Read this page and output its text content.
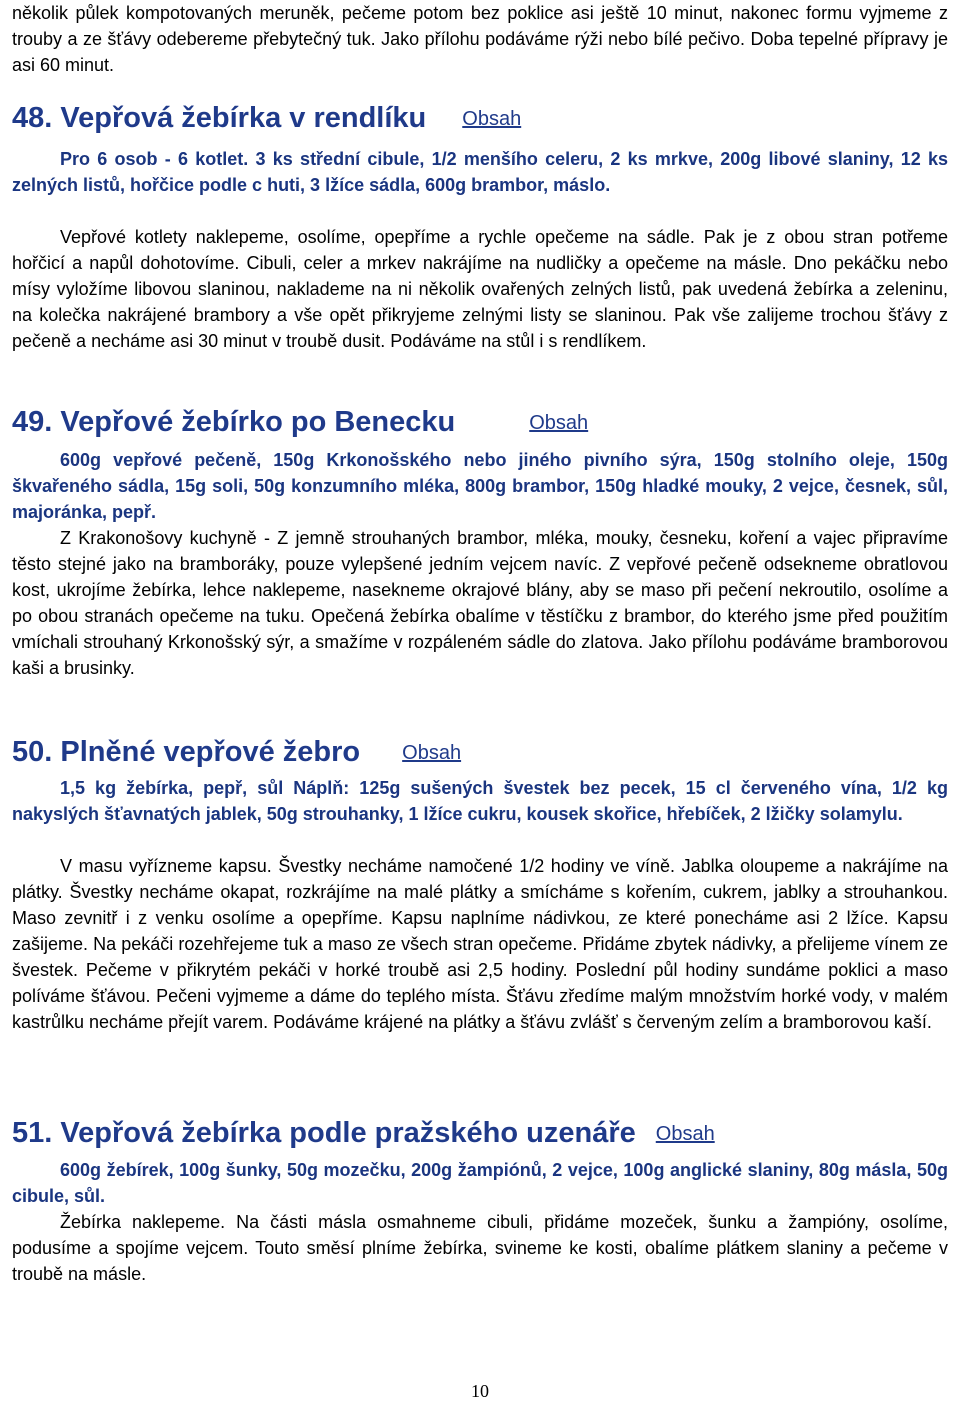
několik půlek kompotovaných meruněk, pečeme potom bez poklice asi ještě 10 minut, nakonec formu vyjmeme z trouby a ze šťávy odebereme přebytečný tuk. Jako přílohu podáváme rýži nebo bílé pečivo. Doba tepelné přípravy je asi 60 minut.

48. Vepřová žebírka v rendlíku Obsah

Pro 6 osob - 6 kotlet. 3 ks střední cibule, 1/2 menšího celeru, 2 ks mrkve, 200g libové slaniny, 12 ks zelných listů, hořčice podle c huti, 3 lžíce sádla, 600g brambor, máslo.

Vepřové kotlety naklepeme, osolíme, opepříme a rychle opečeme na sádle. Pak je z obou stran potřeme hořčicí a napůl dohotovíme. Cibuli, celer a mrkev nakrájíme na nudličky a opečeme na másle. Dno pekáčku nebo mísy vyložíme libovou slaninou, naklademe na ni několik ovařených zelných listů, pak uvedená žebírka a zeleninu, na kolečka nakrájené brambory a vše opět přikryjeme zelnými listy se slaninou. Pak vše zalijeme trochou šťávy z pečeně a necháme asi 30 minut v troubě dusit. Podáváme na stůl i s rendlíkem.

49. Vepřové žebírko po Benecku	Obsah

600g vepřové pečeně, 150g Krkonošského nebo jiného pivního sýra, 150g stolního oleje, 150g škvařeného sádla, 15g soli, 50g konzumního mléka, 800g brambor, 150g hladké mouky, 2 vejce, česnek, sůl, majoránka, pepř.

Z Krakonošovy kuchyně - Z jemně strouhaných brambor, mléka, mouky, česneku, koření a vajec připravíme těsto stejné jako na bramboráky, pouze vylepšené jedním vejcem navíc. Z vepřové pečeně odsekneme obratlovou kost, ukrojíme žebírka, lehce naklepeme, nasekneme okrajové blány, aby se maso při pečení nekroutilo, osolíme a po obou stranách opečeme na tuku. Opečená žebírka obalíme v těstíčku z brambor, do kterého jsme před použitím vmíchali strouhaný Krkonošský sýr, a smažíme v rozpáleném sádle do zlatova. Jako přílohu podáváme bramborovou kaši a brusinky.

50. Plněné vepřové žebro Obsah

1,5 kg žebírka, pepř, sůl Náplň: 125g sušených švestek bez pecek, 15 cl červeného vína, 1/2 kg nakyslých šťavnatých jablek, 50g strouhanky, 1 lžíce cukru, kousek skořice, hřebíček, 2 lžičky solamylu.

V masu vyřízneme kapsu. Švestky necháme namočené 1/2 hodiny ve víně. Jablka oloupeme a nakrájíme na plátky. Švestky necháme okapat, rozkrájíme na malé plátky a smícháme s kořením, cukrem, jablky a strouhankou. Maso zevnitř i z venku osolíme a opepříme. Kapsu naplníme nádivkou, ze které ponecháme asi 2 lžíce. Kapsu zašijeme. Na pekáči rozehřejeme tuk a maso ze všech stran opečeme. Přidáme zbytek nádivky, a přelijeme vínem ze švestek. Pečeme v přikrytém pekáči v horké troubě asi 2,5 hodiny. Poslední půl hodiny sundáme poklici a maso políváme šťávou. Pečeni vyjmeme a dáme do teplého místa. Šťávu zředíme malým množstvím horké vody, v malém kastrůlku necháme přejít varem. Podáváme krájené na plátky a šťávu zvlášť s červeným zelím a bramborovou kaší.

51. Vepřová žebírka podle pražského uzenáře Obsah

600g žebírek, 100g šunky, 50g mozečku, 200g žampiónů, 2 vejce, 100g anglické slaniny, 80g másla, 50g cibule, sůl.

Žebírka naklepeme. Na části másla osmahneme cibuli, přidáme mozeček, šunku a žampióny, osolíme, podusíme a spojíme vejcem. Touto směsí plníme žebírka, svineme ke kosti, obalíme plátkem slaniny a pečeme v troubě na másle.

10
